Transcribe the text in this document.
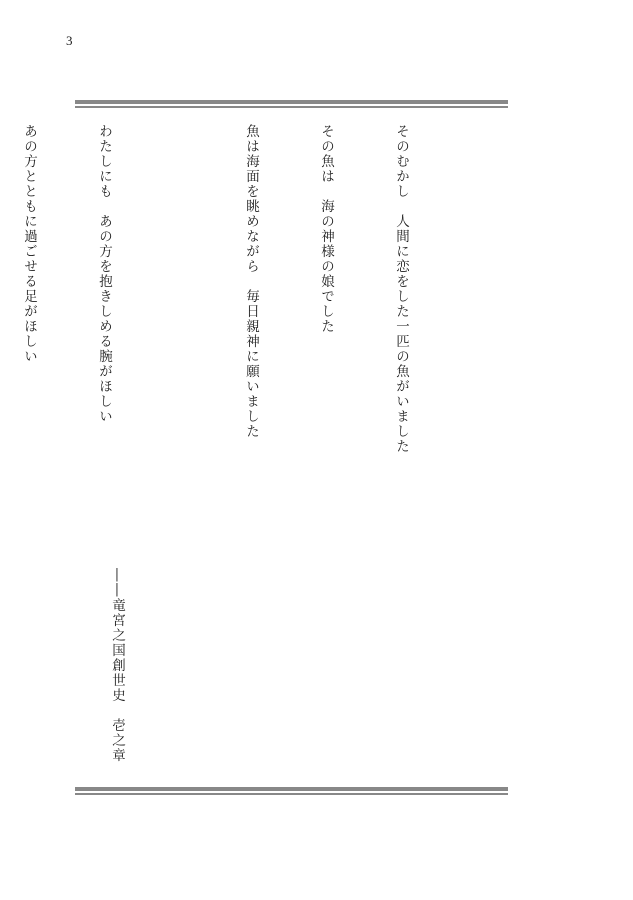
3

そのむかし　人間に恋をした一匹の魚がいました

その魚は　海の神様の娘でした

魚は海面を眺めながら　毎日親神に願いました

わたしにも　あの方を抱きしめる腕がほしい

あの方とともに過ごせる足がほしい

――竜宮之国創世史　壱之章
